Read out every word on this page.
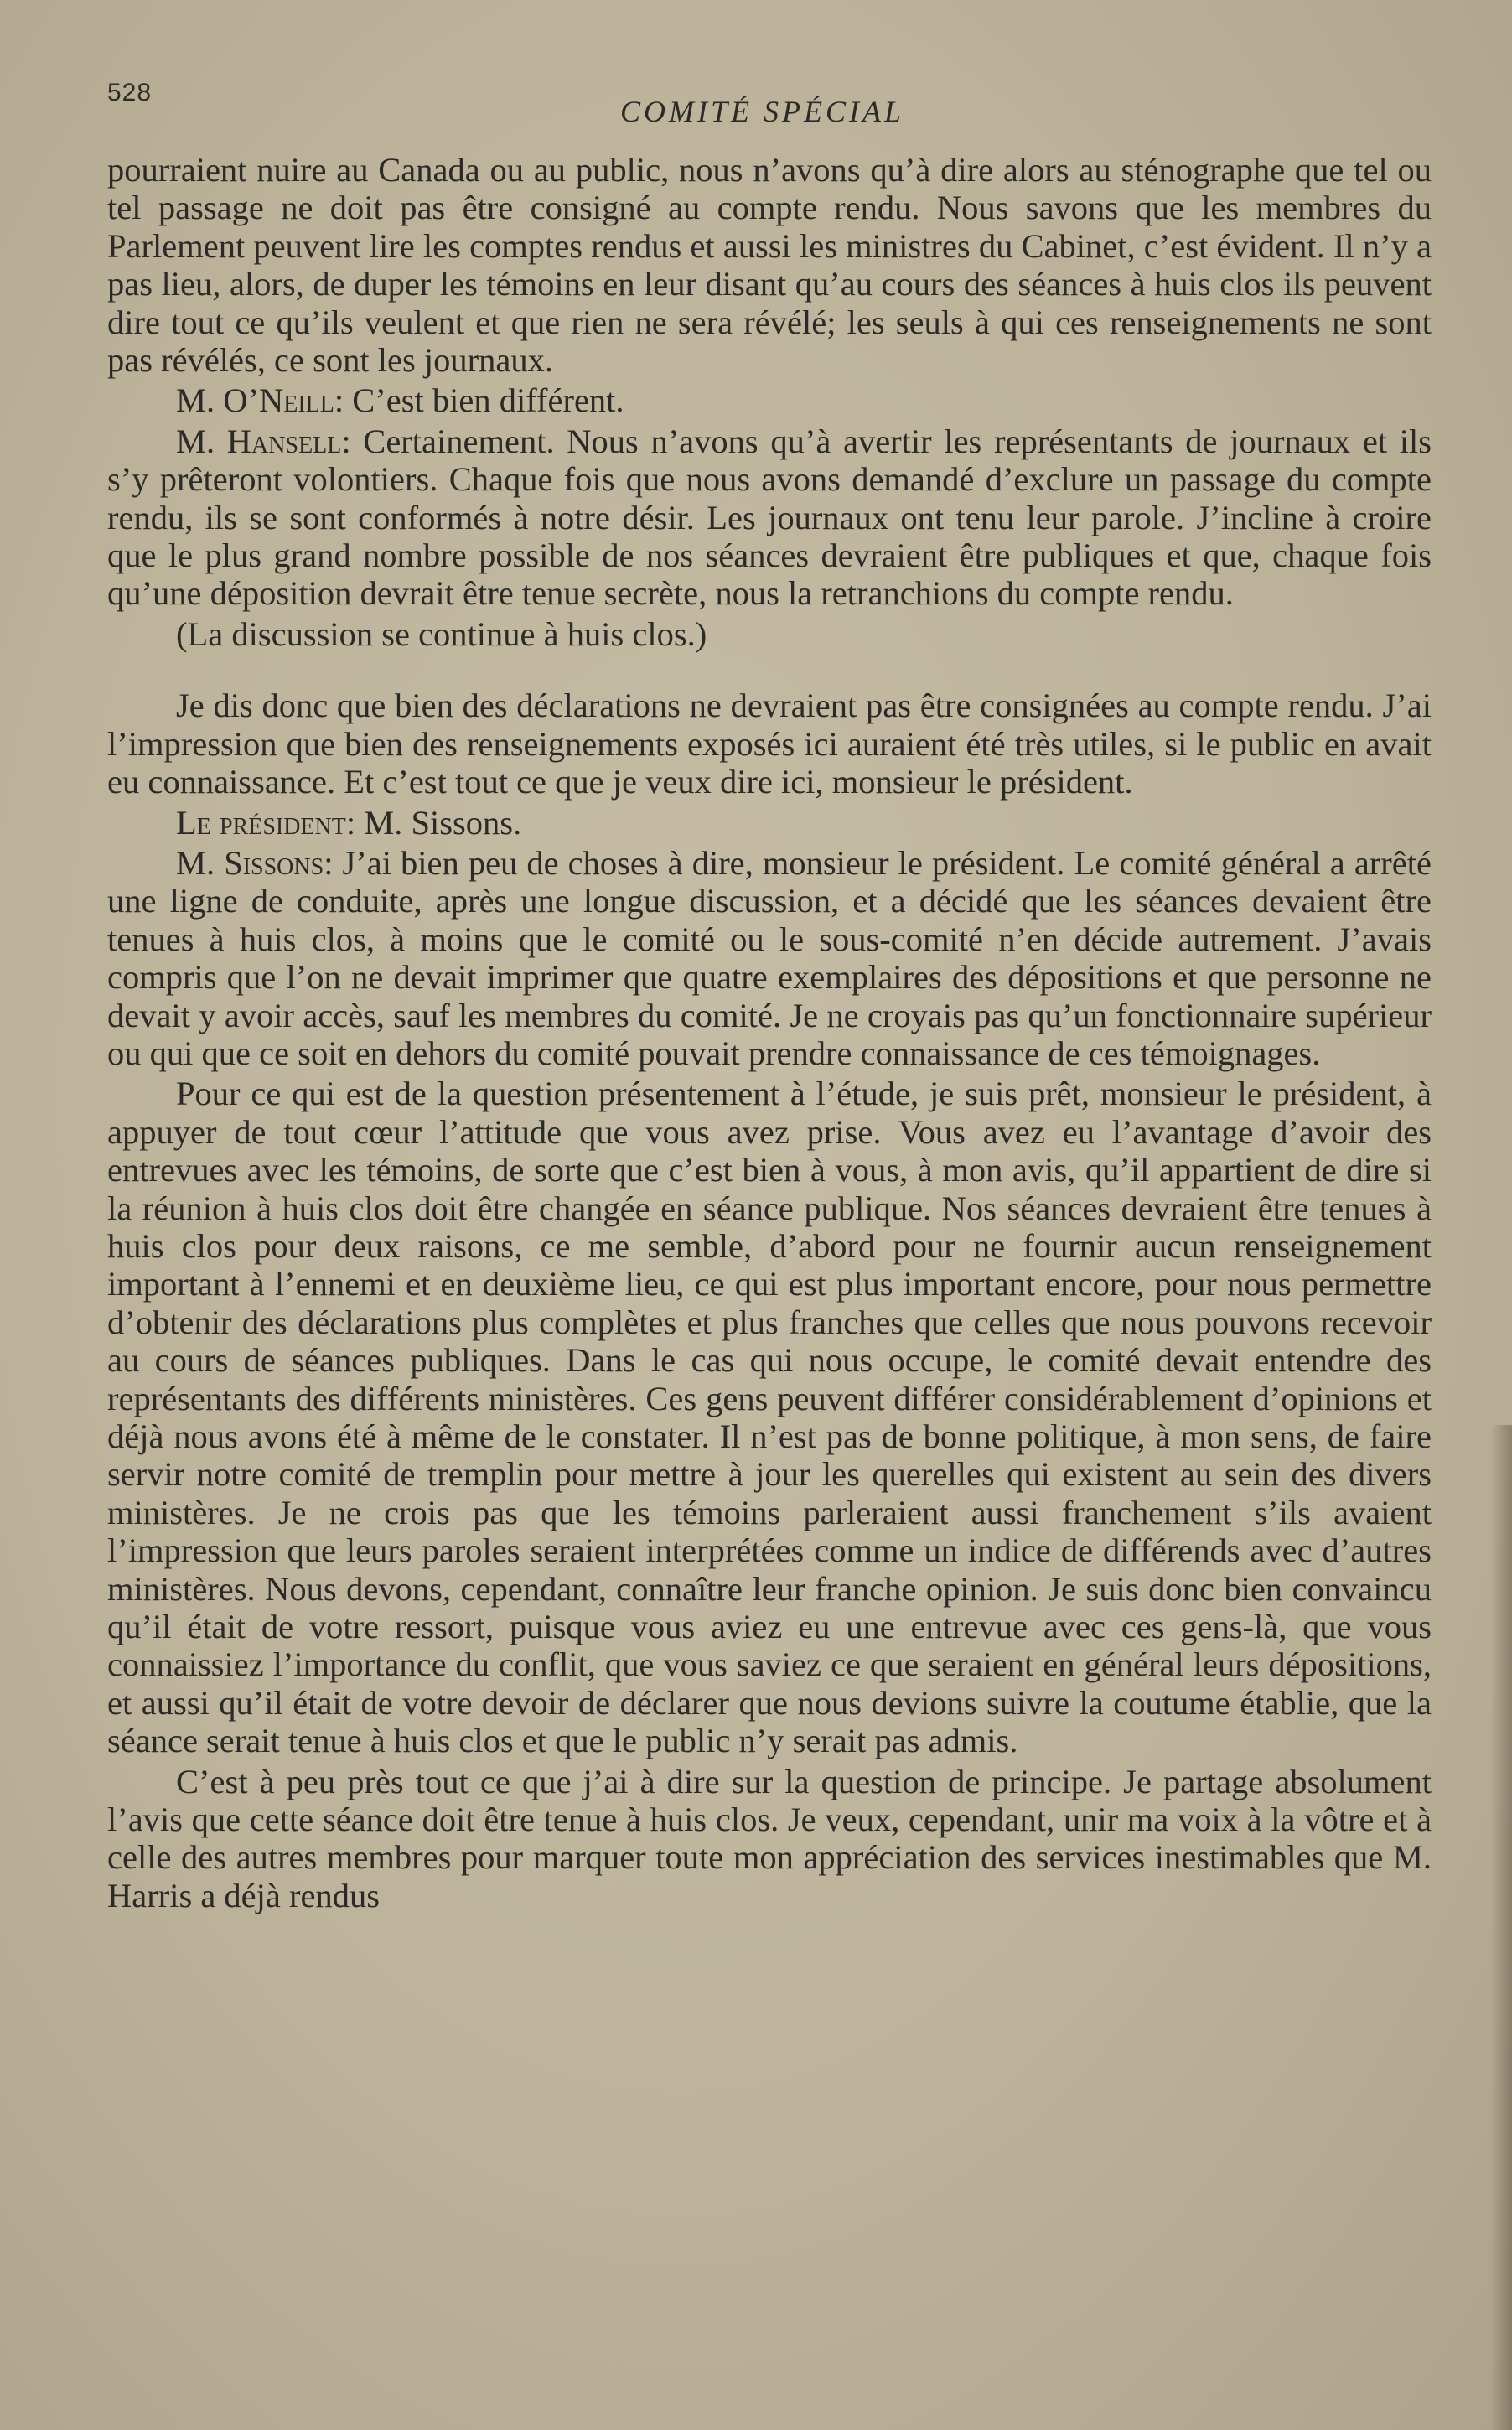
528
COMITÉ SPÉCIAL

pourraient nuire au Canada ou au public, nous n’avons qu’à dire alors au sténographe que tel ou tel passage ne doit pas être consigné au compte rendu. Nous savons que les membres du Parlement peuvent lire les comptes rendus et aussi les ministres du Cabinet, c’est évident. Il n’y a pas lieu, alors, de duper les témoins en leur disant qu’au cours des séances à huis clos ils peuvent dire tout ce qu’ils veulent et que rien ne sera révélé; les seuls à qui ces renseignements ne sont pas révélés, ce sont les journaux.

M. O’Neill: C’est bien différent.

M. Hansell: Certainement. Nous n’avons qu’à avertir les représentants de journaux et ils s’y prêteront volontiers. Chaque fois que nous avons demandé d’exclure un passage du compte rendu, ils se sont conformés à notre désir. Les journaux ont tenu leur parole. J’incline à croire que le plus grand nombre possible de nos séances devraient être publiques et que, chaque fois qu’une déposition devrait être tenue secrète, nous la retranchions du compte rendu.

(La discussion se continue à huis clos.)

Je dis donc que bien des déclarations ne devraient pas être consignées au compte rendu. J’ai l’impression que bien des renseignements exposés ici auraient été très utiles, si le public en avait eu connaissance. Et c’est tout ce que je veux dire ici, monsieur le président.

Le président: M. Sissons.

M. Sissons: J’ai bien peu de choses à dire, monsieur le président. Le comité général a arrêté une ligne de conduite, après une longue discussion, et a décidé que les séances devaient être tenues à huis clos, à moins que le comité ou le sous-comité n’en décide autrement. J’avais compris que l’on ne devait imprimer que quatre exemplaires des dépositions et que personne ne devait y avoir accès, sauf les membres du comité. Je ne croyais pas qu’un fonctionnaire supérieur ou qui que ce soit en dehors du comité pouvait prendre connaissance de ces témoignages.

Pour ce qui est de la question présentement à l’étude, je suis prêt, monsieur le président, à appuyer de tout cœur l’attitude que vous avez prise. Vous avez eu l’avantage d’avoir des entrevues avec les témoins, de sorte que c’est bien à vous, à mon avis, qu’il appartient de dire si la réunion à huis clos doit être changée en séance publique. Nos séances devraient être tenues à huis clos pour deux raisons, ce me semble, d’abord pour ne fournir aucun renseignement important à l’ennemi et en deuxième lieu, ce qui est plus important encore, pour nous permettre d’obtenir des déclarations plus complètes et plus franches que celles que nous pouvons recevoir au cours de séances publiques. Dans le cas qui nous occupe, le comité devait entendre des représentants des différents ministères. Ces gens peuvent différer considérablement d’opinions et déjà nous avons été à même de le constater. Il n’est pas de bonne politique, à mon sens, de faire servir notre comité de tremplin pour mettre à jour les querelles qui existent au sein des divers ministères. Je ne crois pas que les témoins parleraient aussi franchement s’ils avaient l’impression que leurs paroles seraient interprétées comme un indice de différends avec d’autres ministères. Nous devons, cependant, connaître leur franche opinion. Je suis donc bien convaincu qu’il était de votre ressort, puisque vous aviez eu une entrevue avec ces gens-là, que vous connaissiez l’importance du conflit, que vous saviez ce que seraient en général leurs dépositions, et aussi qu’il était de votre devoir de déclarer que nous devions suivre la coutume établie, que la séance serait tenue à huis clos et que le public n’y serait pas admis.

C’est à peu près tout ce que j’ai à dire sur la question de principe. Je partage absolument l’avis que cette séance doit être tenue à huis clos. Je veux, cependant, unir ma voix à la vôtre et à celle des autres membres pour marquer toute mon appréciation des services inestimables que M. Harris a déjà rendus
